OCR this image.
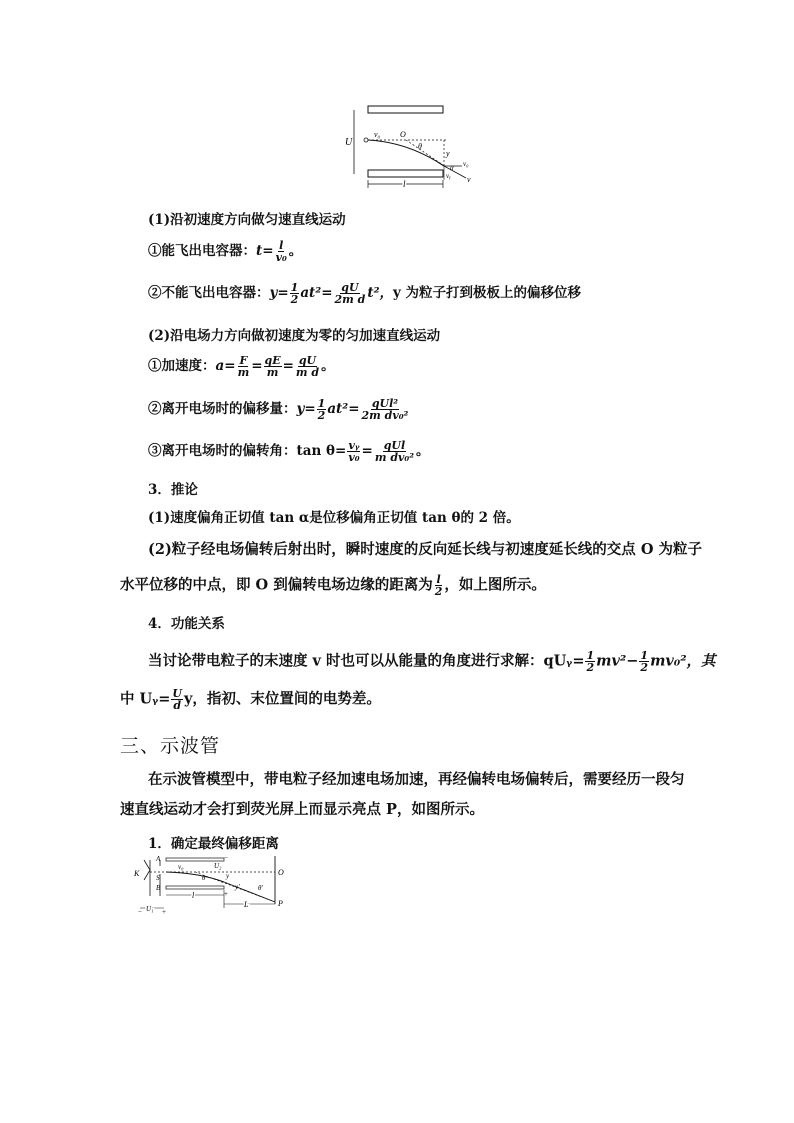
U
v₀ O
θ
y
α v₀
vᵧ v
l
(1)沿初速度方向做匀速直线运动
①能飞出电容器：$t= \frac{l}{\text{v₀}}$ 。
②不能飞出电容器：$y= \frac{1}{2} at^2= \frac{qU}{\text{2m d}} t^2$，y 为粒子打到极板上的偏移位移
(2)沿电场力方向做初速度为零的匀加速直线运动
①加速度：$a= \frac{F}{m} = \frac{qE}{m} = \frac{qU}{\text{m d}}$ 。
②离开电场时的偏移量：$y= \frac{1}{2} at^2= \frac{\text{qUl²}}{\text{2m dv₀²}}$
③离开电场时的偏转角：$\tan \theta= \frac{\text{vᵧ}}{\text{v₀}} = \frac{\text{qUl}}{\text{m dv₀²}}$ 。
3．推论
(1)速度偏角正切值 tan α是位移偏角正切值 tan θ的 2 倍。
(2)粒子经电场偏转后射出时，瞬时速度的反向延长线与初速度延长线的交点 O 为粒子
水平位移的中点，即 O 到偏转电场边缘的距离为 $\frac{l}{2}$ ，如上图所示。
4．功能关系
当讨论带电粒子的末速度 v 时也可以从能量的角度进行求解：qUᵧ= $\frac{1}{2} mv^2- \frac{1}{2} mv_0^2$，其
中 Uᵧ= $\frac{U}{d}$ y，指初、末位置间的电势差。
三、示波管
在示波管模型中，带电粒子经加速电场加速，再经偏转电场偏转后，需要经历一段匀
速直线运动才会打到荧光屏上而显示亮点 P，如图所示。
1．确定最终偏移距离
K
A
S
B
v₀	U₂
−
+
θ	y
y′	θ′
O
P
l
L
U₁
−	+
